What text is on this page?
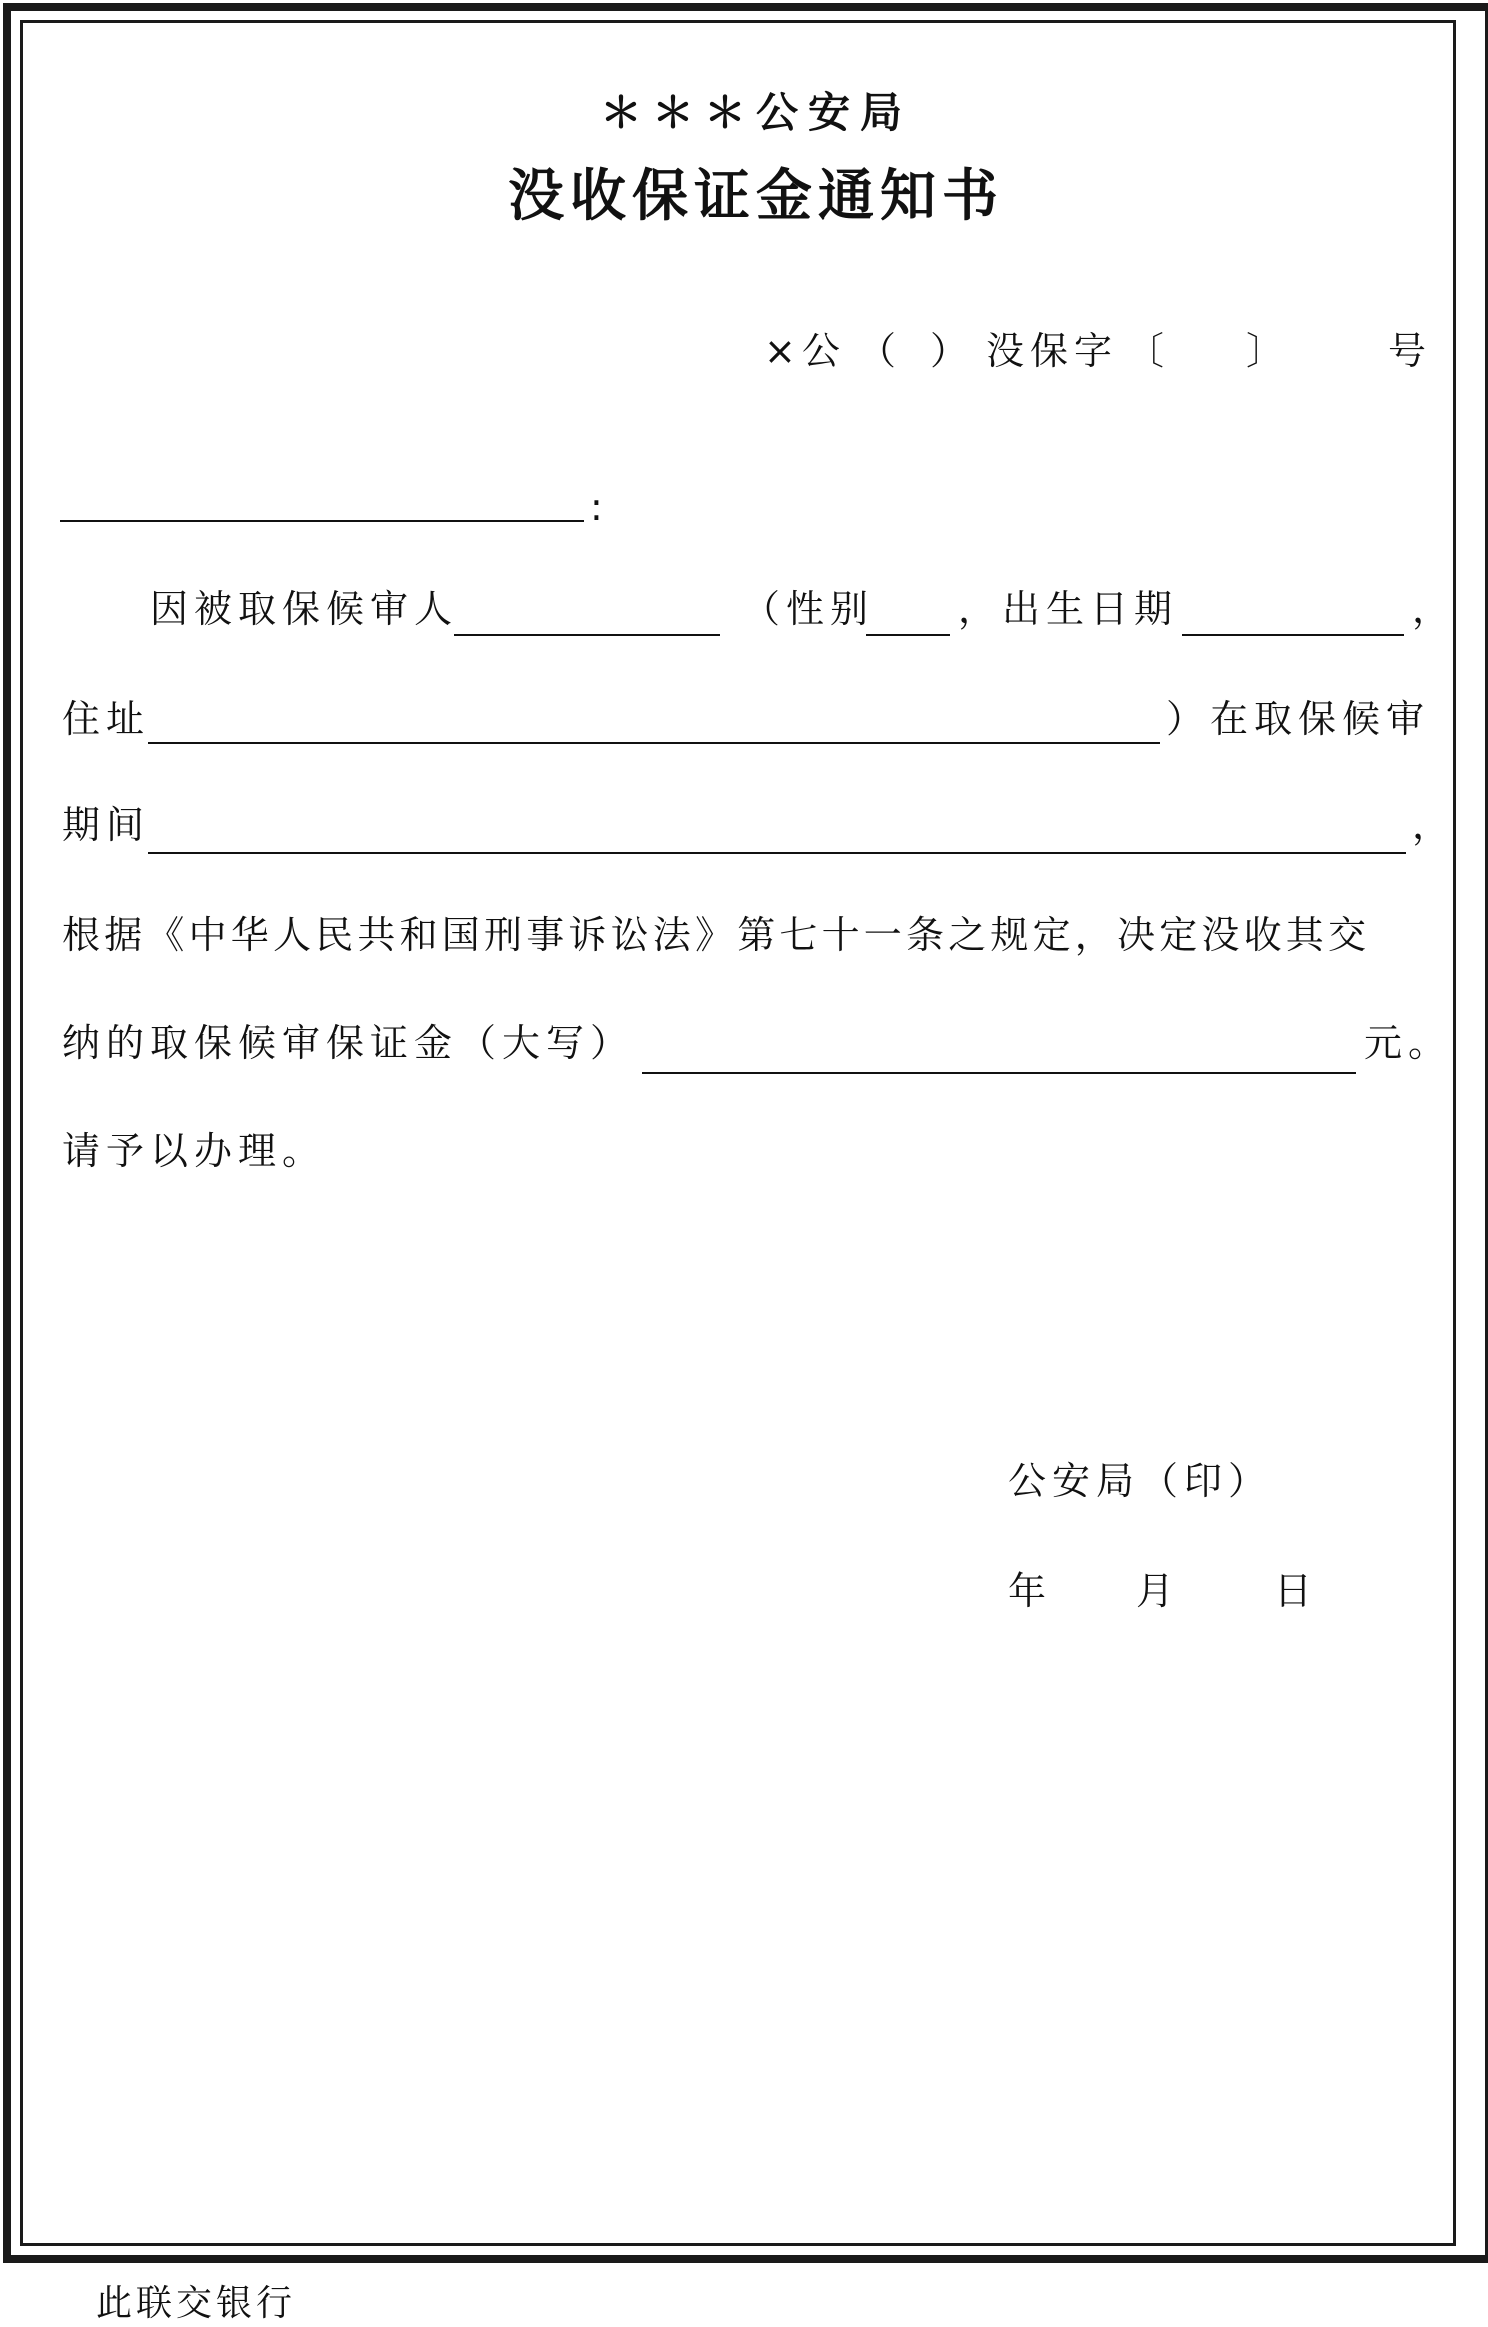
＊＊＊公安局
没收保证金通知书
×公 （ ） 没保字 〔 〕	号
:
因被取保候审人	（性别 ，出生日期	，
住址	）在取保候审
期间	，
根据《中华人民共和国刑事诉讼法》第七十一条之规定，决定没收其交
纳的取保候审保证金（大写）	元。
请予以办理。
公安局（印）
年 月 日
此联交银行
